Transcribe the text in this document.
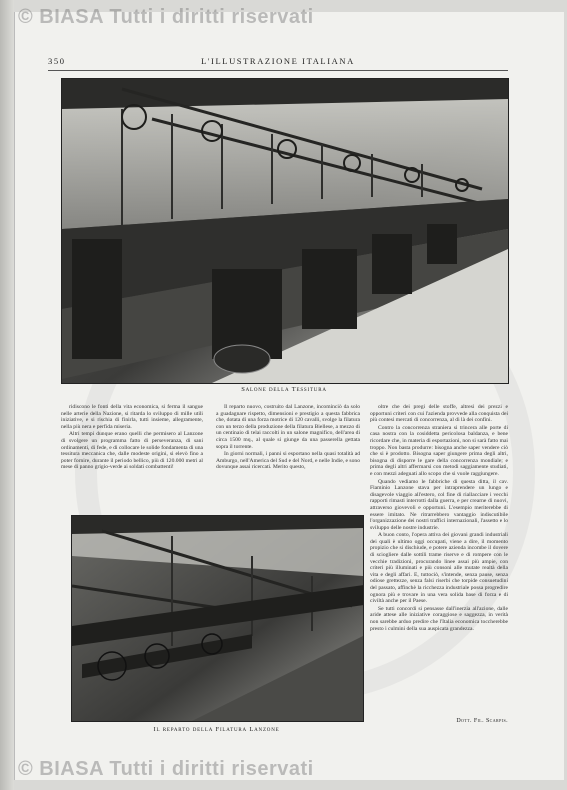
© BIASA Tutti i diritti riservati
350	L'ILLUSTRAZIONE ITALIANA
Salone della Tessitura

ridiscono le fonti della vita economica, si ferma il sangue nelle arterie della Nazione, si ritarda lo sviluppo di mille utili iniziative, e si rischia di finirla, tutti insieme, allegramente, nella più nera e perfida miseria.

Altri tempi dunque erano quelli che permisero al Lanzone di svolgere un programma fatto di perseveranza, di sani ordinamenti, di fede, e di collocare le solide fondamenta di una tessitura meccanica che, dalle modeste origini, si elevò fino a poter fornire, durante il periodo bellico, più di 120.000 metri al mese di panno grigio-verde ai soldati combattenti!

Il reparto nuovo, costruito dal Lanzone, incominciò da solo a guadagnare rispetto, dimensioni e prestigio a questa fabbrica che, dotata di una forza motrice di 120 cavalli, svolge la filatura con un terzo della produzione della filatura Biellese, a mezzo di un centinaio di telai raccolti in un salone magnifico, dell'area di circa 1500 mq., al quale si giunge da una passerella gettata sopra il torrente.

In giorni normali, i panni si esportano nella quasi totalità ad Amburgo, nell'America del Sud e del Nord, e nelle Indie, e sono dovunque assai ricercati. Merito questo,

oltre che dei pregi delle stoffe, altresì dei prezzi e opportuni criteri con cui l'azienda provvede alla conquista dei più contesi mercati di concorrenza, al di là dei confini.

Contro la concorrenza straniera si trincera alle porte di casa nostra con la cosiddetta pericolosa baldanza, e bene ricordare che, in materia di esportazioni, non si sarà fatto mai troppo. Non basta produrre: bisogna anche saper vendere ciò che si è prodotto. Bisogna saper giungere prima degli altri, bisogna di disporre le gare della concorrenza mondiale; e prima degli altri affermarsi con metodi saggiamente studiati, e con mezzi adeguati allo scopo che si vuole raggiungere.

Quando vediamo le fabbriche di questa ditta, il cav. Flaminio Lanzone stava per intraprendere un lungo e disagevole viaggio all'estero, col fine di riallacciare i vecchi rapporti rimasti interrotti dalla guerra, e per crearne di nuovi, attraverso giovevoli e opportuni. L'esempio meriterebbe di essere imitato. Ne ritrarrebbero vantaggio indiscutibile l'organizzazione dei nostri traffici internazionali, l'assetto e lo sviluppo delle nostre industrie.

A buon conto, l'opera attiva dei giovani grandi industriali dei quali è ultimo oggi occupati, viene a dire, il momento propizio che si dischiude, e potere azienda incombe il dovere di sciogliere dalle sottili trame riserve e di rompere con le vecchie tradizioni, procurando linee assai più ampie, con criteri più illuminati e più consoni alle mutate realtà della vita e degli affari. E, tuttociò, s'intende, senza pause, senza odiose grettezze, senza falsi riserbi che torpide consuetudini del passato, affinchè la ricchezza industriale possa progredire ognora più e trovare in una vera solida base di forza e di civiltà anche per il Paese.

Se tutti concordi si pensasse dall'inerzia all'azione, dalle aride attese alle iniziative coraggiose e saggezza, in verità non sarebbe arduo predire che l'Italia economica toccherebbe presto i culmini della sua auspicata grandezza.

Dott. Fil. Scarpis.
Il reparto della Filatura Lanzone
© BIASA Tutti i diritti riservati
